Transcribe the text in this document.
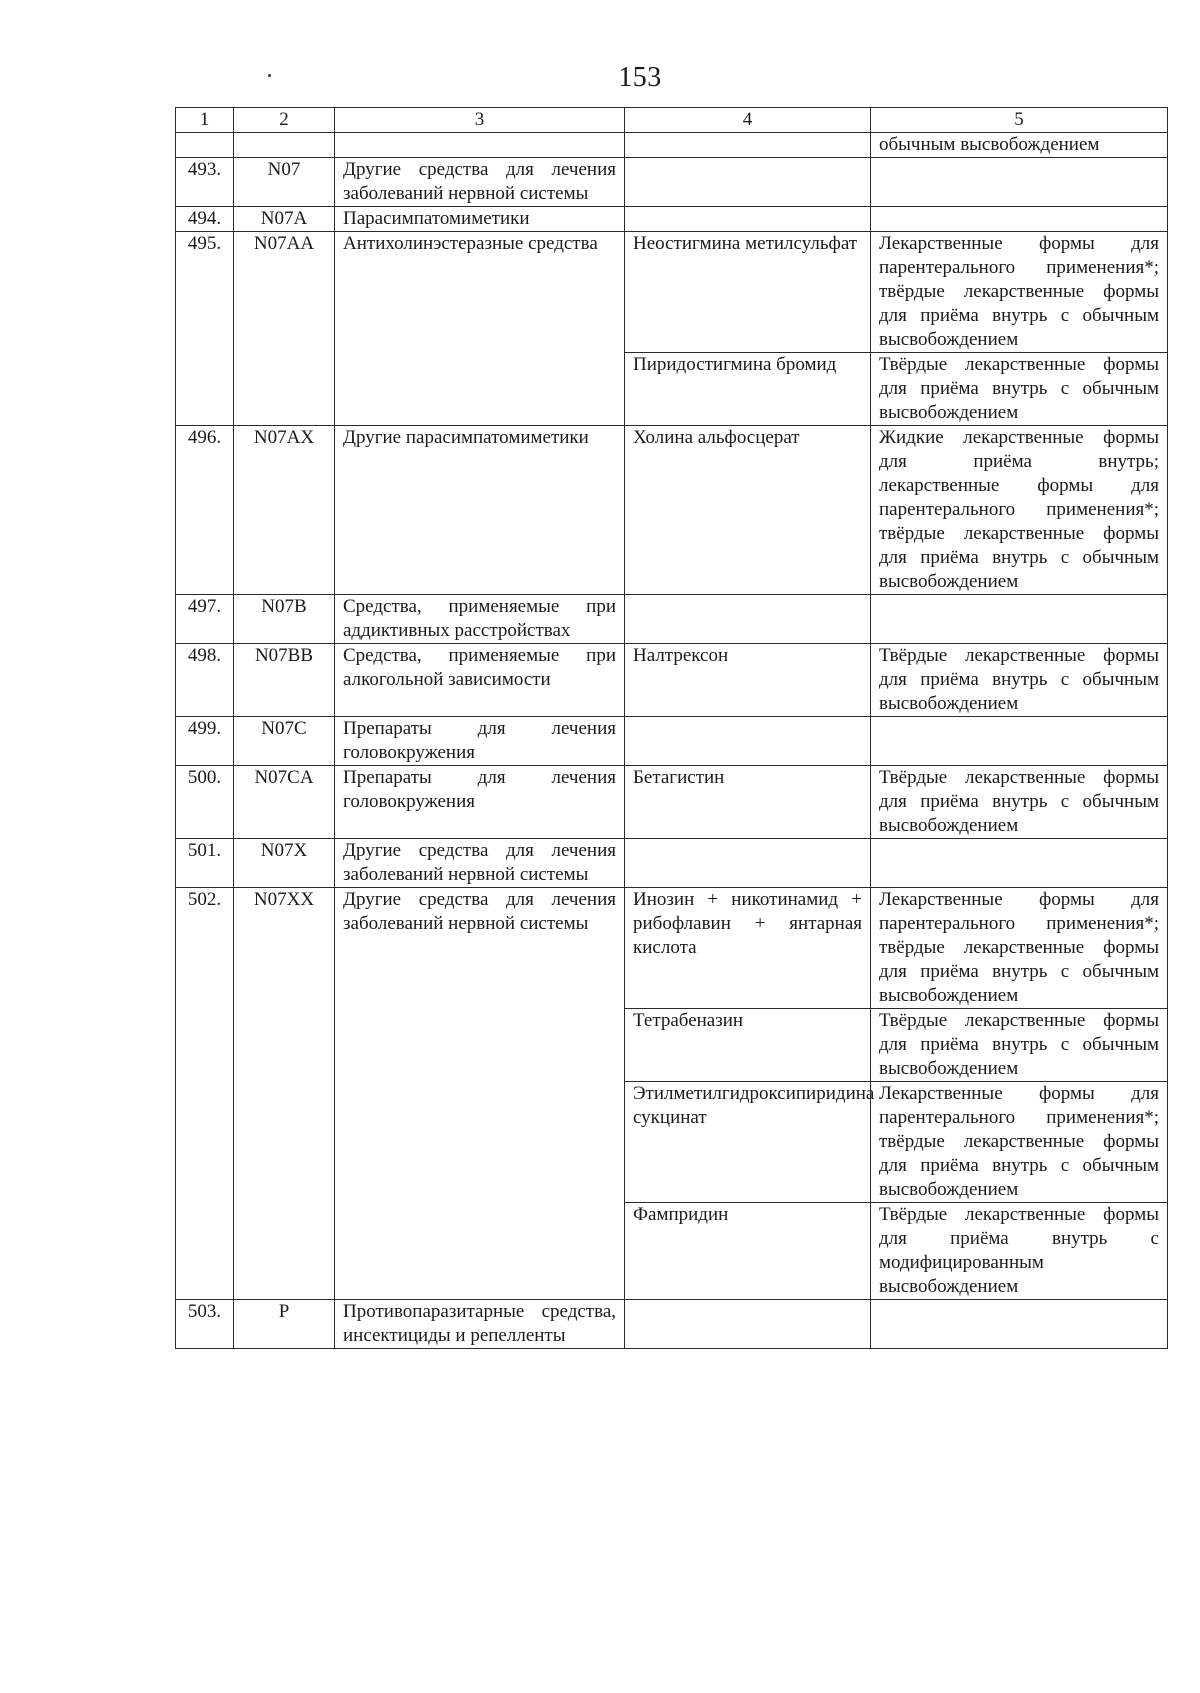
153
1	2	3	4	5
				обычным высвобождением
493.	N07	Другие средства для лечения заболеваний нервной системы		
494.	N07A	Парасимпатомиметики		
495.	N07AA	Антихолинэстеразные средства	Неостигмина метилсульфат	Лекарственные формы для парентерального применения*; твёрдые лекарственные формы для приёма внутрь с обычным высвобождением
			Пиридостигмина бромид	Твёрдые лекарственные формы для приёма внутрь с обычным высвобождением
496.	N07AX	Другие парасимпатомиметики	Холина альфосцерат	Жидкие лекарственные формы для приёма внутрь; лекарственные формы для парентерального применения*; твёрдые лекарственные формы для приёма внутрь с обычным высвобождением
497.	N07B	Средства, применяемые при аддиктивных расстройствах		
498.	N07BB	Средства, применяемые при алкогольной зависимости	Налтрексон	Твёрдые лекарственные формы для приёма внутрь с обычным высвобождением
499.	N07C	Препараты для лечения головокружения		
500.	N07CA	Препараты для лечения головокружения	Бетагистин	Твёрдые лекарственные формы для приёма внутрь с обычным высвобождением
501.	N07X	Другие средства для лечения заболеваний нервной системы		
502.	N07XX	Другие средства для лечения заболеваний нервной системы	Инозин + никотинамид + рибофлавин + янтарная кислота	Лекарственные формы для парентерального применения*; твёрдые лекарственные формы для приёма внутрь с обычным высвобождением
			Тетрабеназин	Твёрдые лекарственные формы для приёма внутрь с обычным высвобождением
			Этилметилгидроксипиридина сукцинат	Лекарственные формы для парентерального применения*; твёрдые лекарственные формы для приёма внутрь с обычным высвобождением
			Фампридин	Твёрдые лекарственные формы для приёма внутрь с модифицированным высвобождением
503.	P	Противопаразитарные средства, инсектициды и репелленты		
